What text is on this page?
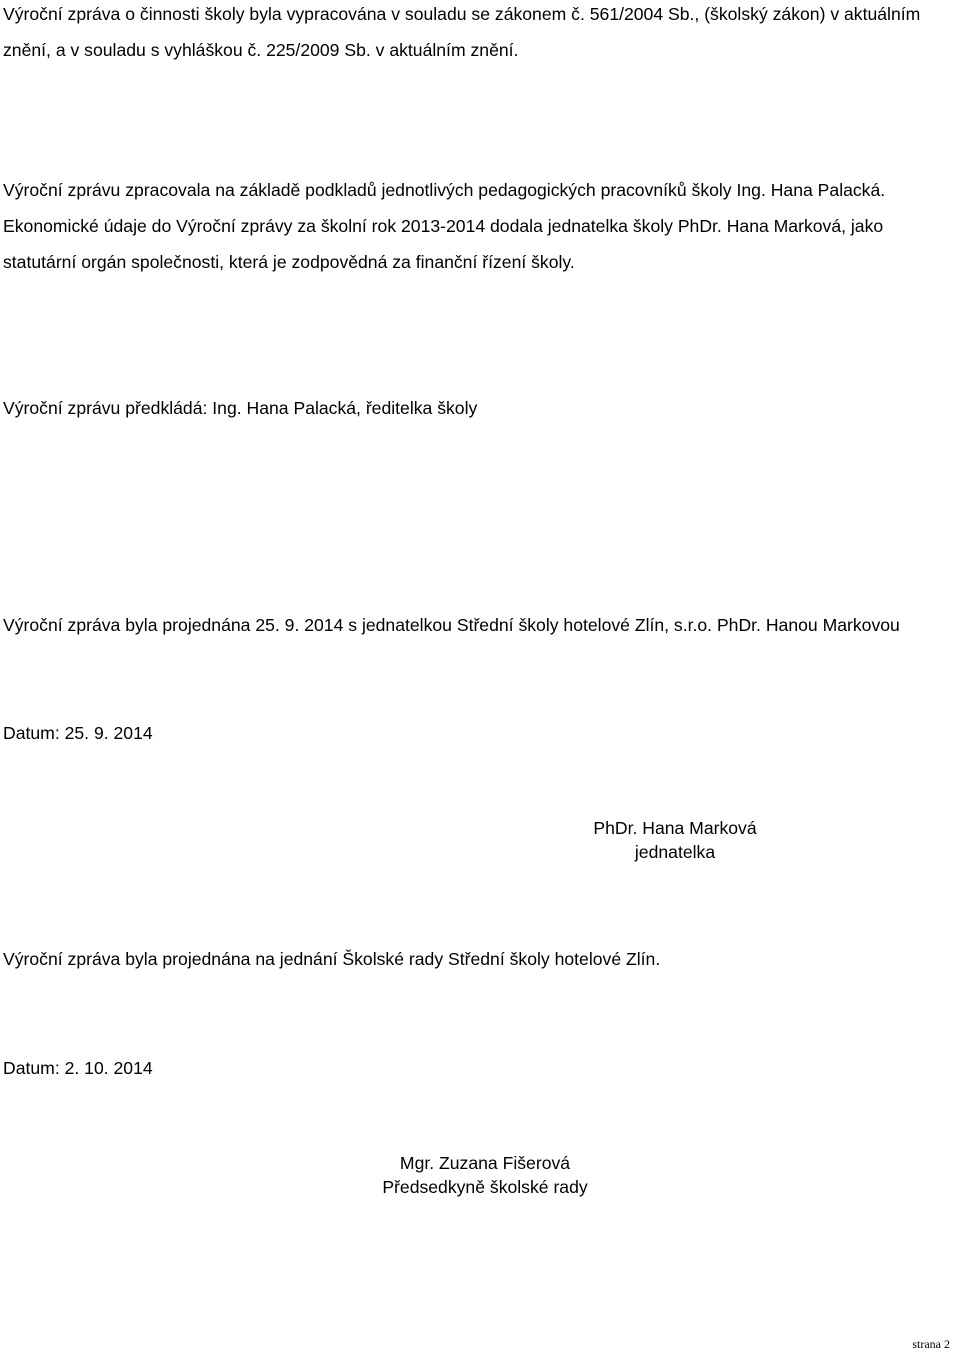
Výroční zpráva o činnosti školy byla vypracována v souladu se zákonem č. 561/2004 Sb., (školský zákon) v aktuálním znění, a v souladu s vyhláškou č. 225/2009 Sb. v aktuálním znění.

Výroční zprávu zpracovala na základě podkladů jednotlivých pedagogických pracovníků školy Ing. Hana Palacká. Ekonomické údaje do Výroční zprávy za školní rok 2013-2014 dodala jednatelka školy PhDr. Hana Marková, jako statutární orgán společnosti, která je zodpovědná za finanční řízení školy.

Výroční zprávu předkládá: Ing. Hana Palacká, ředitelka školy

Výroční zpráva byla projednána 25. 9. 2014 s jednatelkou Střední školy hotelové Zlín, s.r.o. PhDr. Hanou Markovou

Datum: 25. 9. 2014

PhDr. Hana Marková
jednatelka

Výroční zpráva byla projednána na jednání Školské rady Střední školy hotelové Zlín.

Datum: 2. 10. 2014

Mgr. Zuzana Fišerová
Předsedkyně školské rady
strana 2
